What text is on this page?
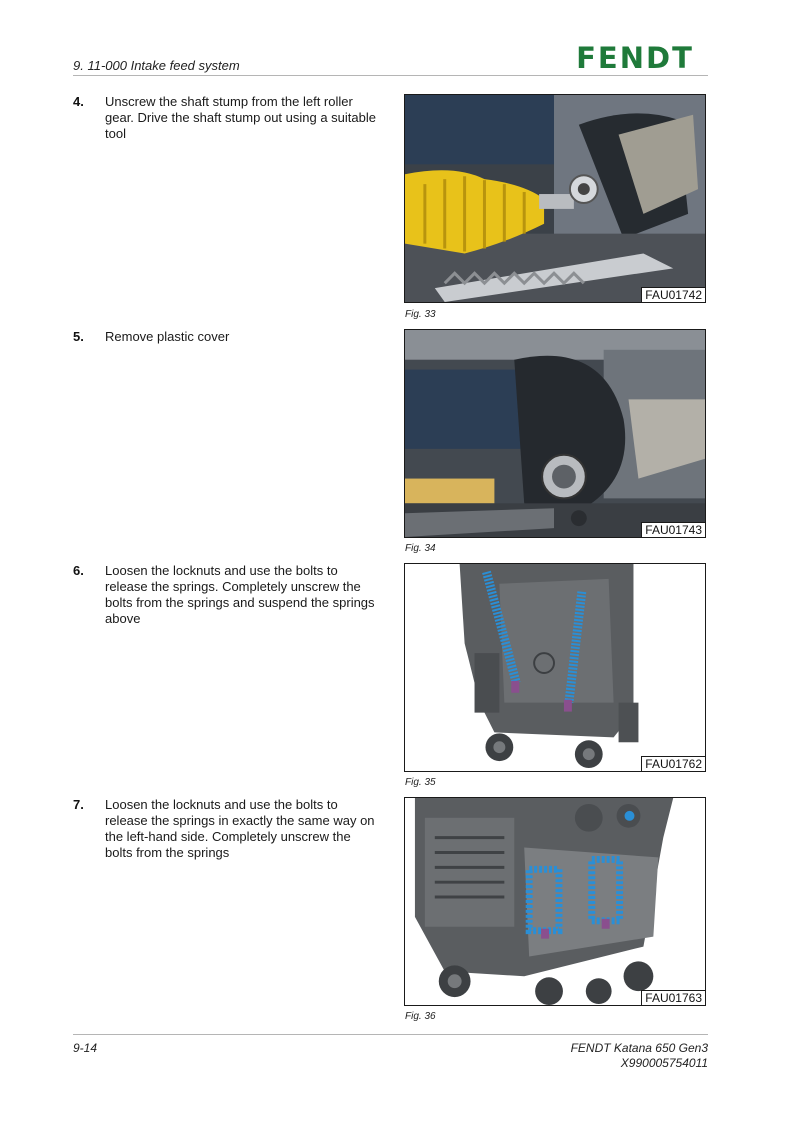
9. 11-000 Intake feed system	FENDT
4. Unscrew the shaft stump from the left roller gear. Drive the shaft stump out using a suitable tool
FAU01742
Fig. 33
5. Remove plastic cover
FAU01743
Fig. 34
6. Loosen the locknuts and use the bolts to release the springs. Completely unscrew the bolts from the springs and suspend the springs above
FAU01762
Fig. 35
7. Loosen the locknuts and use the bolts to release the springs in exactly the same way on the left-hand side. Completely unscrew the bolts from the springs
FAU01763
Fig. 36
9-14	FENDT Katana 650 Gen3
X990005754011
